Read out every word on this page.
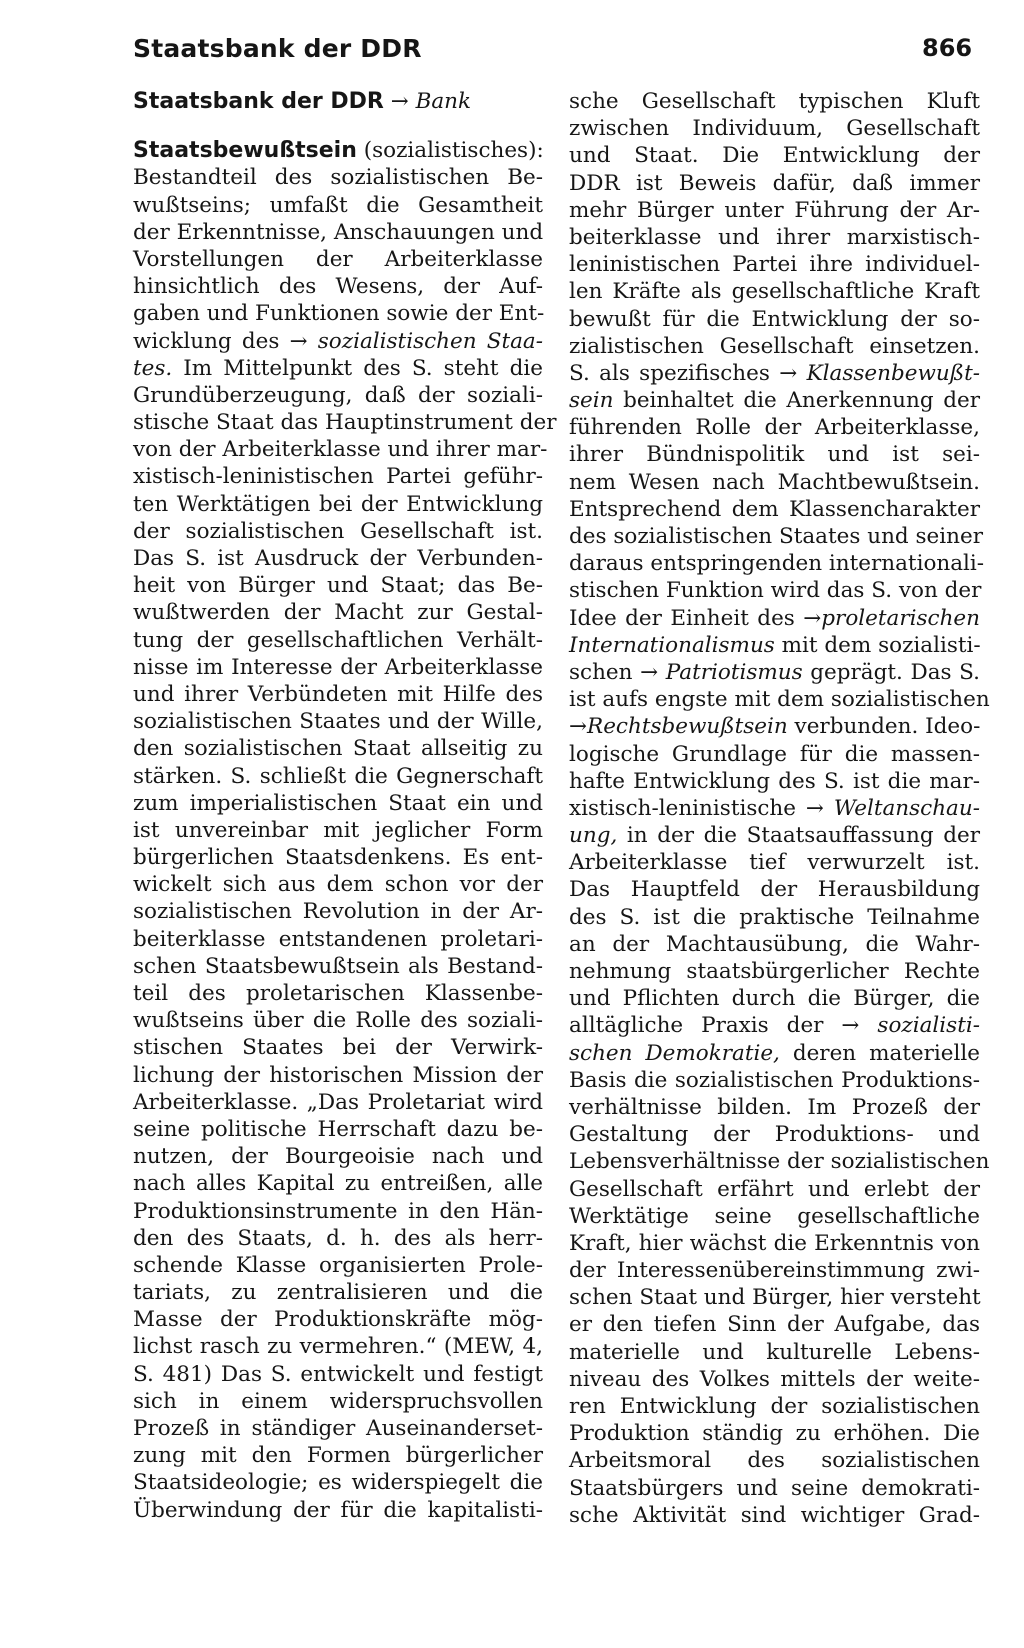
Staatsbank der DDR	866
Staatsbank der DDR → Bank
Staatsbewußtsein (sozialistisches):
Bestandteil des sozialistischen Be-
wußtseins; umfaßt die Gesamtheit
der Erkenntnisse, Anschauungen und
Vorstellungen der Arbeiterklasse
hinsichtlich des Wesens, der Auf-
gaben und Funktionen sowie der Ent-
wicklung des → sozialistischen Staa-
tes. Im Mittelpunkt des S. steht die
Grundüberzeugung, daß der soziali-
stische Staat das Hauptinstrument der
von der Arbeiterklasse und ihrer mar-
xistisch-leninistischen Partei geführ-
ten Werktätigen bei der Entwicklung
der sozialistischen Gesellschaft ist.
Das S. ist Ausdruck der Verbunden-
heit von Bürger und Staat; das Be-
wußtwerden der Macht zur Gestal-
tung der gesellschaftlichen Verhält-
nisse im Interesse der Arbeiterklasse
und ihrer Verbündeten mit Hilfe des
sozialistischen Staates und der Wille,
den sozialistischen Staat allseitig zu
stärken. S. schließt die Gegnerschaft
zum imperialistischen Staat ein und
ist unvereinbar mit jeglicher Form
bürgerlichen Staatsdenkens. Es ent-
wickelt sich aus dem schon vor der
sozialistischen Revolution in der Ar-
beiterklasse entstandenen proletari-
schen Staatsbewußtsein als Bestand-
teil des proletarischen Klassenbe-
wußtseins über die Rolle des soziali-
stischen Staates bei der Verwirk-
lichung der historischen Mission der
Arbeiterklasse. „Das Proletariat wird
seine politische Herrschaft dazu be-
nutzen, der Bourgeoisie nach und
nach alles Kapital zu entreißen, alle
Produktionsinstrumente in den Hän-
den des Staats, d. h. des als herr-
schende Klasse organisierten Prole-
tariats, zu zentralisieren und die
Masse der Produktionskräfte mög-
lichst rasch zu vermehren.“ (MEW, 4,
S. 481) Das S. entwickelt und festigt
sich in einem widerspruchsvollen
Prozeß in ständiger Auseinanderset-
zung mit den Formen bürgerlicher
Staatsideologie; es widerspiegelt die
Überwindung der für die kapitalisti-
sche Gesellschaft typischen Kluft
zwischen Individuum, Gesellschaft
und Staat. Die Entwicklung der
DDR ist Beweis dafür, daß immer
mehr Bürger unter Führung der Ar-
beiterklasse und ihrer marxistisch-
leninistischen Partei ihre individuel-
len Kräfte als gesellschaftliche Kraft
bewußt für die Entwicklung der so-
zialistischen Gesellschaft einsetzen.
S. als spezifisches → Klassenbewußt-
sein beinhaltet die Anerkennung der
führenden Rolle der Arbeiterklasse,
ihrer Bündnispolitik und ist sei-
nem Wesen nach Machtbewußtsein.
Entsprechend dem Klassencharakter
des sozialistischen Staates und seiner
daraus entspringenden internationali-
stischen Funktion wird das S. von der
Idee der Einheit des →proletarischen
Internationalismus mit dem sozialisti-
schen → Patriotismus geprägt. Das S.
ist aufs engste mit dem sozialistischen
→Rechtsbewußtsein verbunden. Ideo-
logische Grundlage für die massen-
hafte Entwicklung des S. ist die mar-
xistisch-leninistische → Weltanschau-
ung, in der die Staatsauffassung der
Arbeiterklasse tief verwurzelt ist.
Das Hauptfeld der Herausbildung
des S. ist die praktische Teilnahme
an der Machtausübung, die Wahr-
nehmung staatsbürgerlicher Rechte
und Pflichten durch die Bürger, die
alltägliche Praxis der → sozialisti-
schen Demokratie, deren materielle
Basis die sozialistischen Produktions-
verhältnisse bilden. Im Prozeß der
Gestaltung der Produktions- und
Lebensverhältnisse der sozialistischen
Gesellschaft erfährt und erlebt der
Werktätige seine gesellschaftliche
Kraft, hier wächst die Erkenntnis von
der Interessenübereinstimmung zwi-
schen Staat und Bürger, hier versteht
er den tiefen Sinn der Aufgabe, das
materielle und kulturelle Lebens-
niveau des Volkes mittels der weite-
ren Entwicklung der sozialistischen
Produktion ständig zu erhöhen. Die
Arbeitsmoral des sozialistischen
Staatsbürgers und seine demokrati-
sche Aktivität sind wichtiger Grad-
